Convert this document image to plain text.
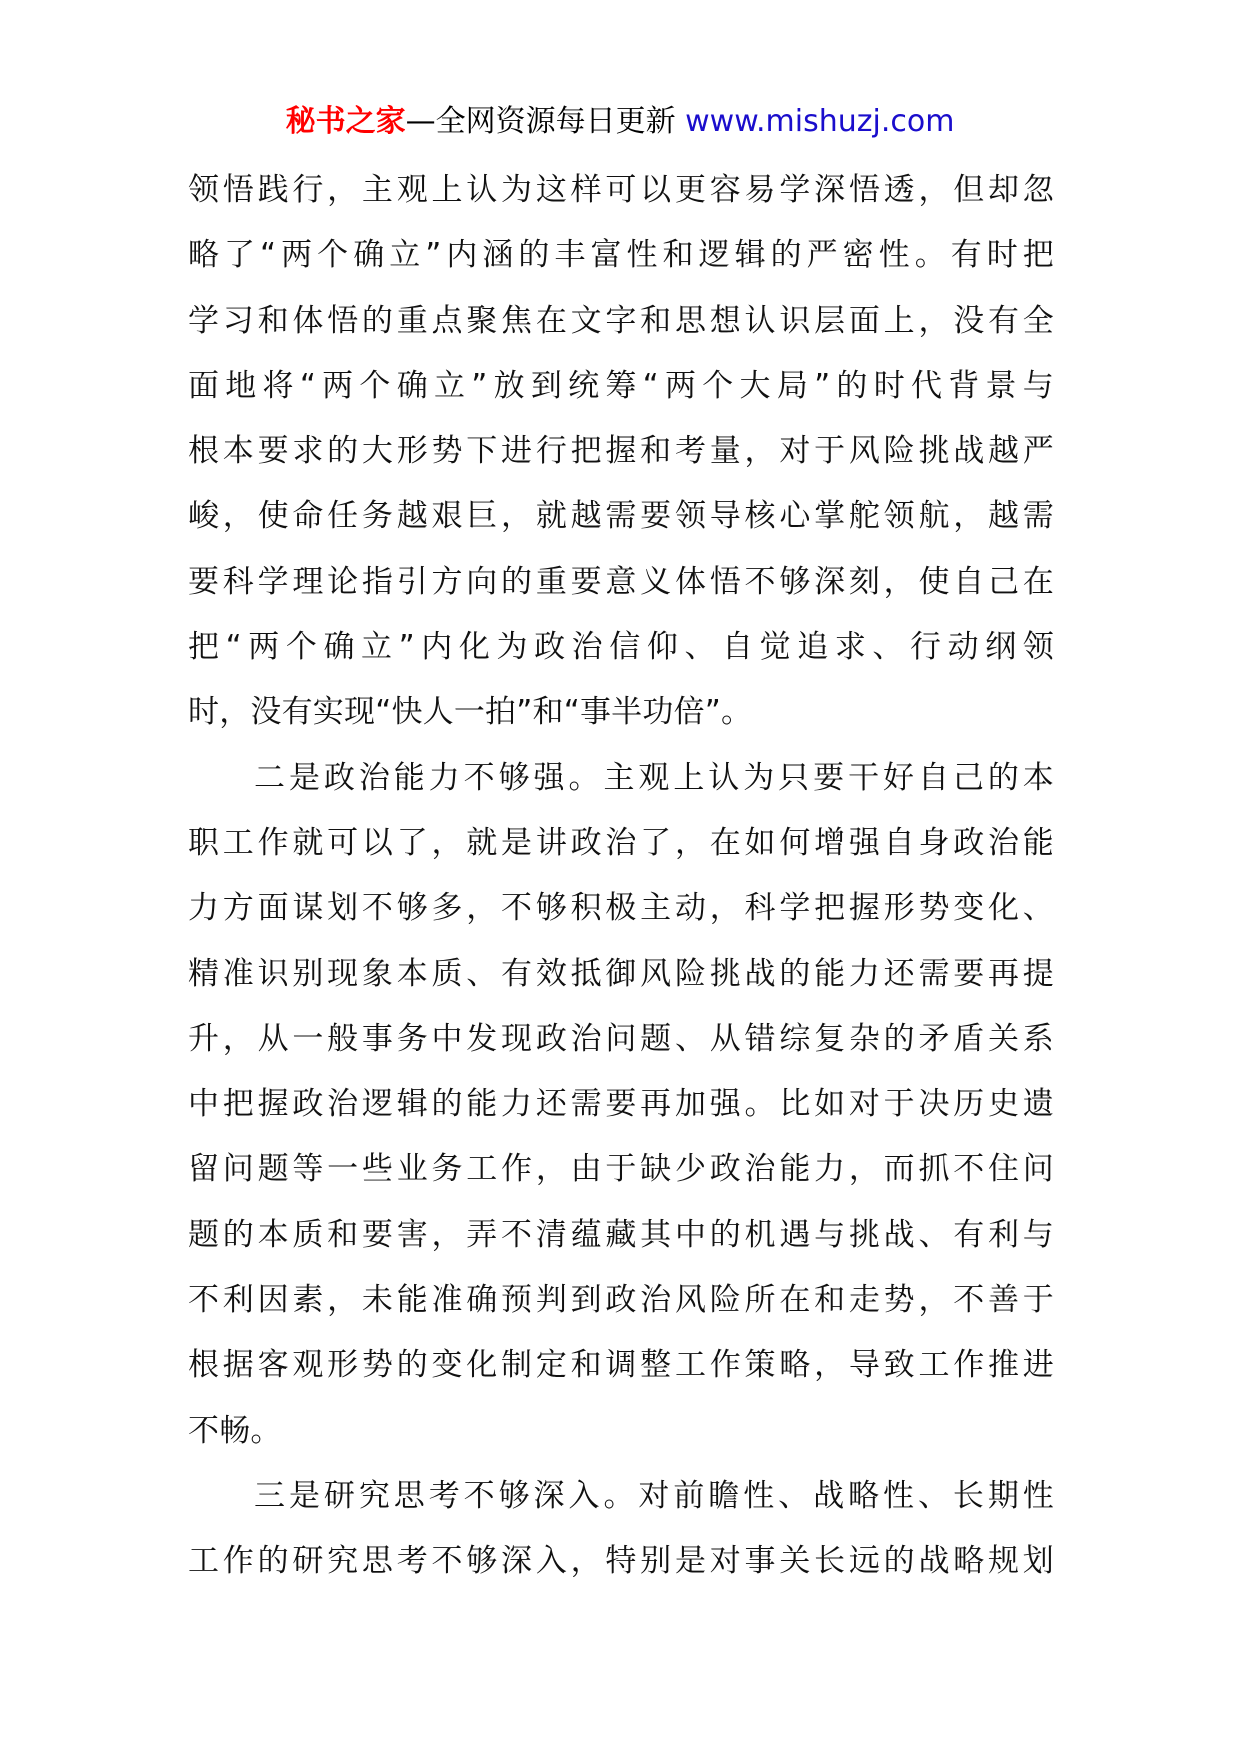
秘书之家—全网资源每日更新 www.mishuzj.com
领悟践行，主观上认为这样可以更容易学深悟透，但却忽
略了“两个确立”内涵的丰富性和逻辑的严密性。有时把
学习和体悟的重点聚焦在文字和思想认识层面上，没有全
面地将“两个确立”放到统筹“两个大局”的时代背景与
根本要求的大形势下进行把握和考量，对于风险挑战越严
峻，使命任务越艰巨，就越需要领导核心掌舵领航，越需
要科学理论指引方向的重要意义体悟不够深刻，使自己在
把“两个确立”内化为政治信仰、自觉追求、行动纲领
时，没有实现“快人一拍”和“事半功倍”。
二是政治能力不够强。主观上认为只要干好自己的本
职工作就可以了，就是讲政治了，在如何增强自身政治能
力方面谋划不够多，不够积极主动，科学把握形势变化、
精准识别现象本质、有效抵御风险挑战的能力还需要再提
升，从一般事务中发现政治问题、从错综复杂的矛盾关系
中把握政治逻辑的能力还需要再加强。比如对于决历史遗
留问题等一些业务工作，由于缺少政治能力，而抓不住问
题的本质和要害，弄不清蕴藏其中的机遇与挑战、有利与
不利因素，未能准确预判到政治风险所在和走势，不善于
根据客观形势的变化制定和调整工作策略，导致工作推进
不畅。
三是研究思考不够深入。对前瞻性、战略性、长期性
工作的研究思考不够深入，特别是对事关长远的战略规划
